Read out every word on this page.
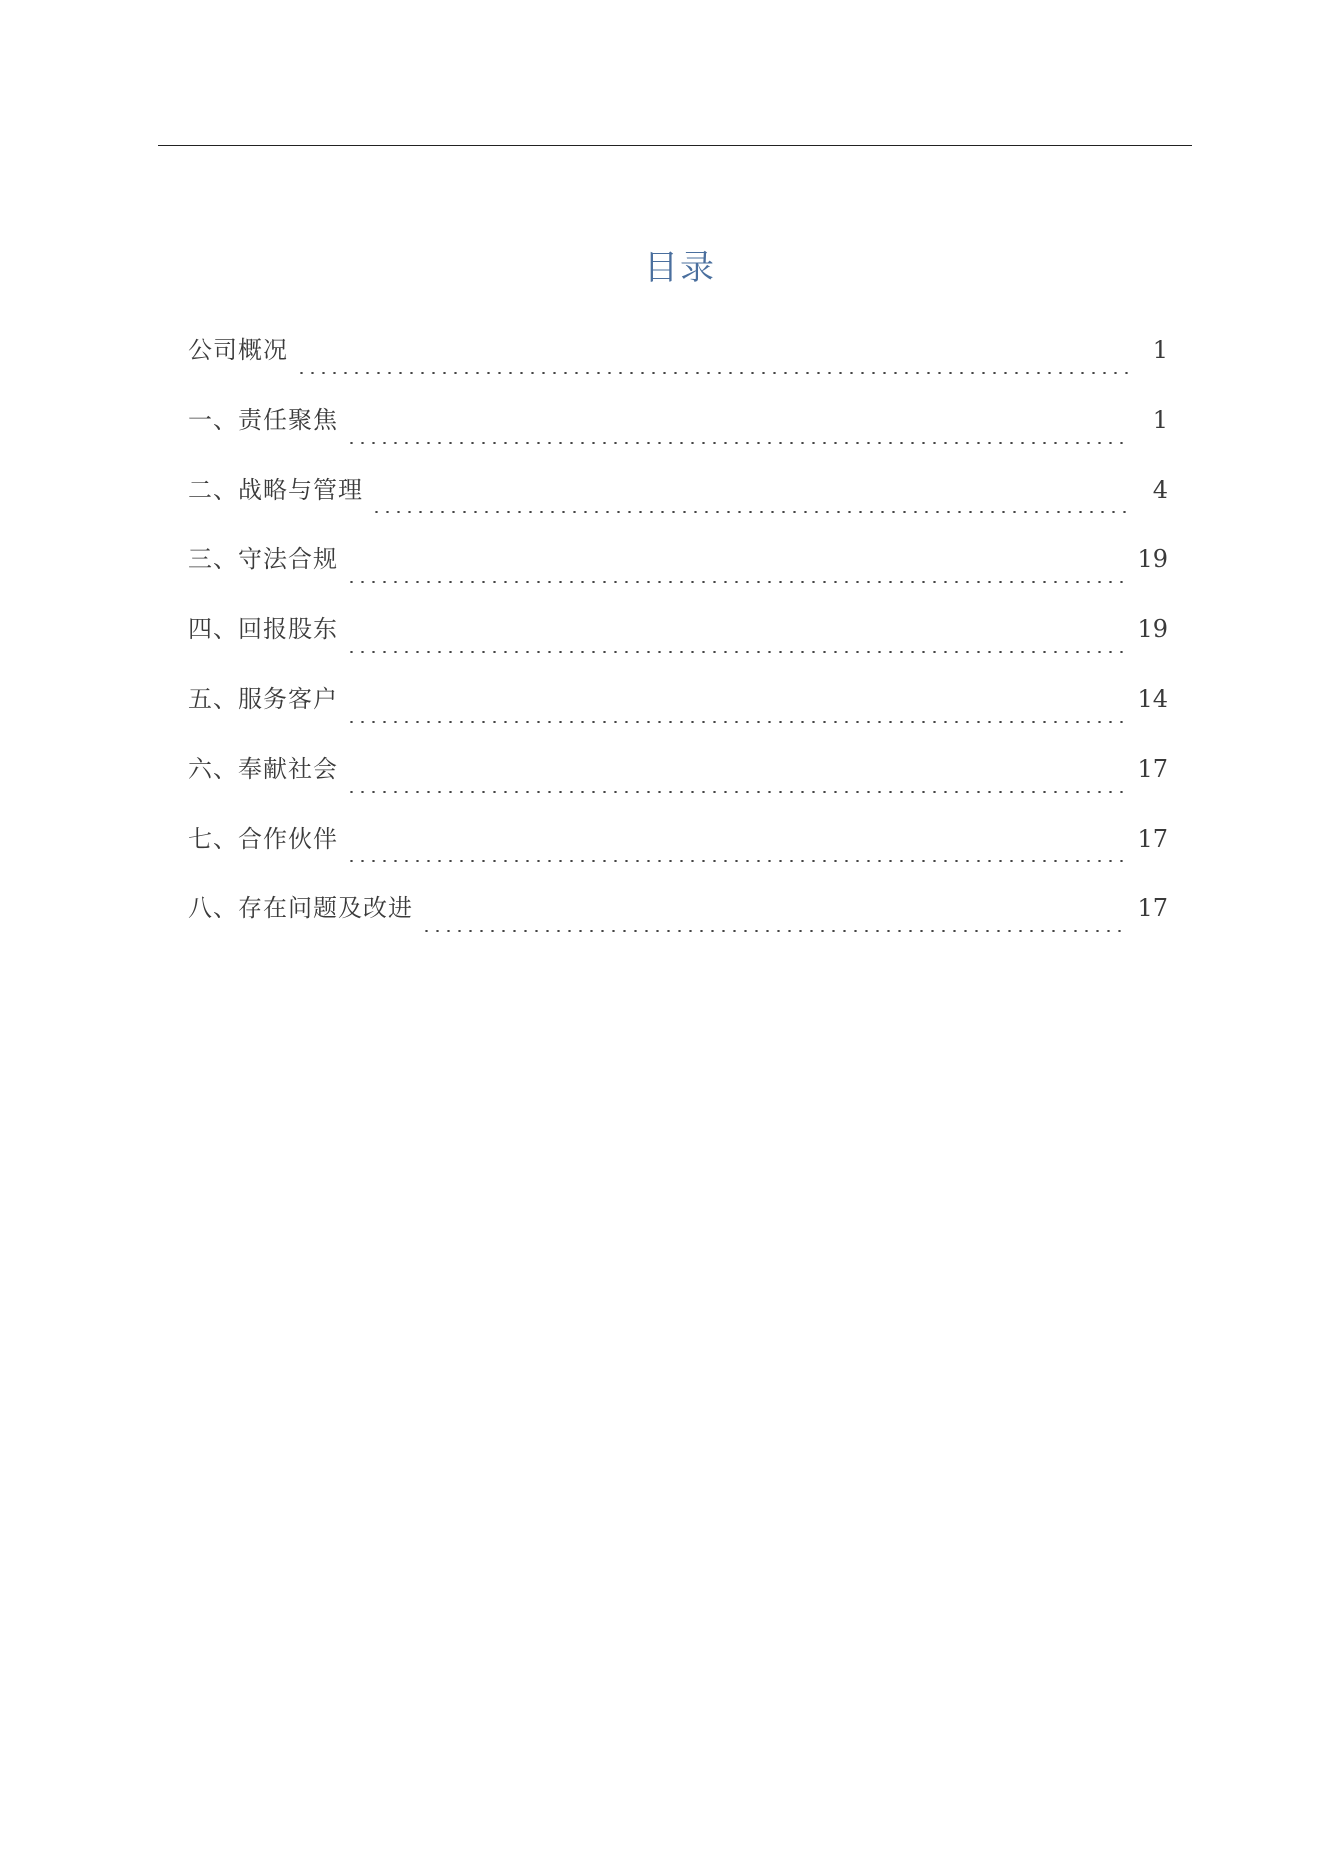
目录
公司概况	1
一、责任聚焦	1
二、战略与管理	4
三、守法合规	19
四、回报股东	19
五、服务客户	14
六、奉献社会	17
七、合作伙伴	17
八、存在问题及改进	17
